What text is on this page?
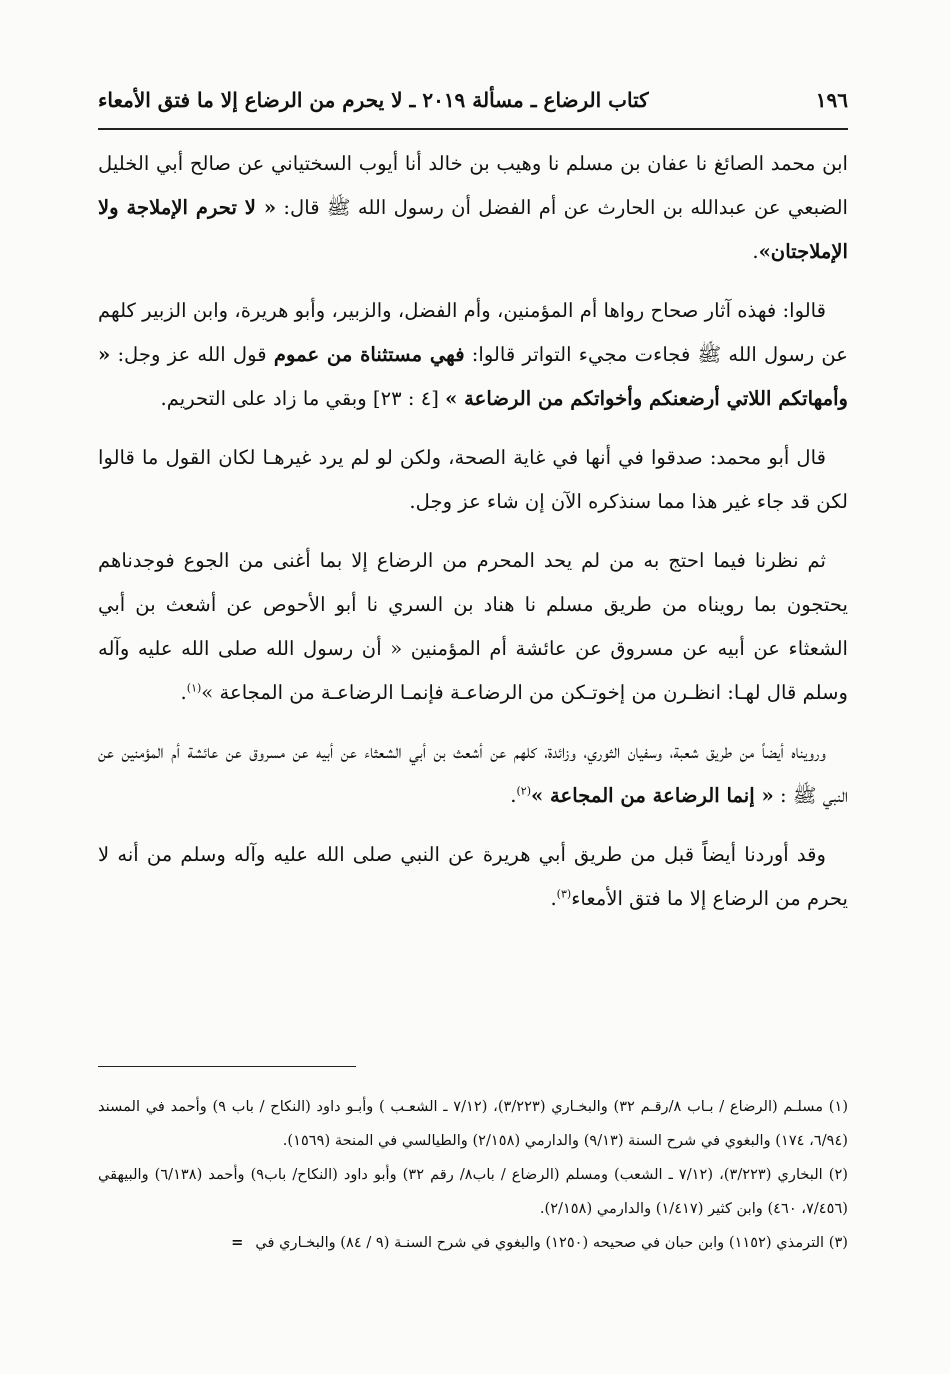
١٩٦
كتاب الرضاع ـ مسألة ٢٠١٩ ـ لا يحرم من الرضاع إلا ما فتق الأمعاء

ابن محمد الصائغ نا عفان بن مسلم نا وهيب بن خالد أنا أيوب السختياني عن صالح أبي الخليل الضبعي عن عبدالله بن الحارث عن أم الفضل أن رسول الله ﷺ قال: « لا تحرم الإملاجة ولا الإملاجتان».

قالوا: فهذه آثار صحاح رواها أم المؤمنين، وأم الفضل، والزبير، وأبو هريرة، وابن الزبير كلهم عن رسول الله ﷺ فجاءت مجيء التواتر قالوا: فهي مستثناة من عموم قول الله عز وجل: « وأمهاتكم اللاتي أرضعنكم وأخواتكم من الرضاعة » [٤ : ٢٣] وبقي ما زاد على التحريم.

قال أبو محمد: صدقوا في أنها في غاية الصحة، ولكن لو لم يرد غيرهـا لكان القول ما قالوا لكن قد جاء غير هذا مما سنذكره الآن إن شاء عز وجل.

ثم نظرنا فيما احتج به من لم يحد المحرم من الرضاع إلا بما أغنى من الجوع فوجدناهم يحتجون بما رويناه من طريق مسلم نا هناد بن السري نا أبو الأحوص عن أشعث بن أبي الشعثاء عن أبيه عن مسروق عن عائشة أم المؤمنين « أن رسول الله صلى الله عليه وآله وسلم قال لهـا: انظـرن من إخوتـكن من الرضاعـة فإنمـا الرضاعـة من المجاعة »$^{(١)}$.

ورويناه أيضاً من طريق شعبة، وسفيان الثوري، وزائدة، كلهم عن أشعث بن أبي الشعثاء عن أبيه عن مسروق عن عائشة أم المؤمنين عن النبي ﷺ : « إنما الرضاعة من المجاعة »$^{(٢)}$.

وقد أوردنا أيضاً قبل من طريق أبي هريرة عن النبي صلى الله عليه وآله وسلم من أنه لا يحرم من الرضاع إلا ما فتق الأمعاء$^{(٣)}$.

(١) مسلـم (الرضاع / بـاب ٨/رقـم ٣٢) والبخـاري (٣/٢٢٣)، (٧/١٢ ـ الشعـب ) وأبـو داود (النكاح / باب ٩) وأحمد في المسند (٦/٩٤، ١٧٤) والبغوي في شرح السنة (٩/١٣) والدارمي (٢/١٥٨) والطيالسي في المنحة (١٥٦٩).

(٢) البخاري (٣/٢٢٣)، (٧/١٢ ـ الشعب) ومسلم (الرضاع / باب٨/ رقم ٣٢) وأبو داود (النكاح/ باب٩) وأحمد (٦/١٣٨) والبيهقي (٧/٤٥٦، ٤٦٠) وابن كثير (١/٤١٧) والدارمي (٢/١٥٨).

(٣) الترمذي (١١٥٢) وابن حبان في صحيحه (١٢٥٠) والبغوي في شرح السنـة (٩ / ٨٤) والبخـاري في=
